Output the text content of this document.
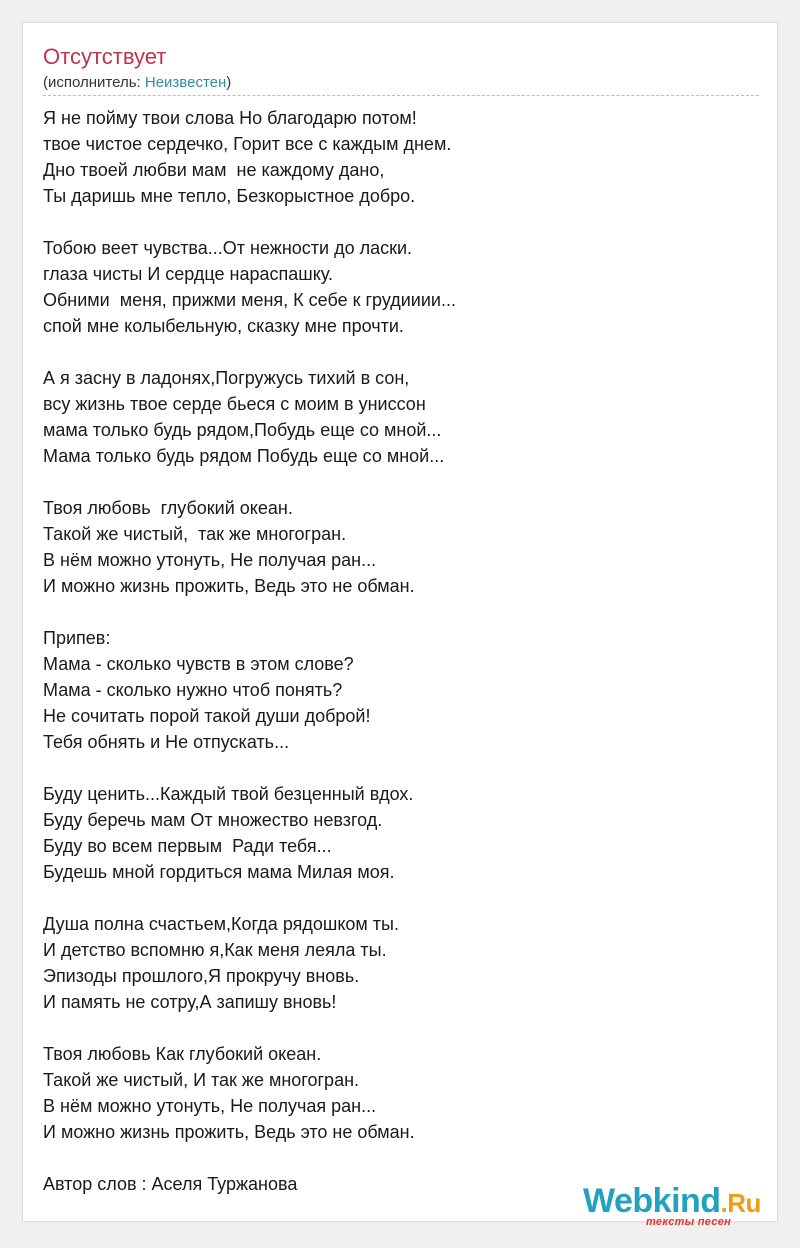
Отсутствует
(исполнитель: Неизвестен)
Я не пойму твои слова Но благодарю потом!
твое чистое сердечко, Горит все с каждым днем.
Дно твоей любви мам  не каждому дано,
Ты даришь мне тепло, Безкорыстное добро.
Тобою веет чувства...От нежности до ласки.
глаза чисты И сердце нараспашку.
Обними  меня, прижми меня, К себе к грудииии...
спой мне колыбельную, сказку мне прочти.
А я засну в ладонях,Погружусь тихий в сон,
всу жизнь твое серде бьеся с моим в униссон
мама только будь рядом,Побудь еще со мной...
Мама только будь рядом Побудь еще со мной...
Твоя любовь  глубокий океан.
Такой же чистый,  так же многогран.
В нём можно утонуть, Не получая ран...
И можно жизнь прожить, Ведь это не обман.
Припев:
Мама - сколько чувств в этом слове?
Мама - сколько нужно чтоб понять?
Не сочитать порой такой души доброй!
Тебя обнять и Не отпускать...
Буду ценить...Каждый твой безценный вдох.
Буду беречь мам От множество невзгод.
Буду во всем первым  Ради тебя...
Будешь мной гордиться мама Милая моя.
Душа полна счастьем,Когда рядошком ты.
И детство вспомню я,Как меня леяла ты.
Эпизоды прошлого,Я прокручу вновь.
И память не сотру,А запишу вновь!
Твоя любовь Как глубокий океан.
Такой же чистый, И так же многогран.
В нём можно утонуть, Не получая ран...
И можно жизнь прожить, Ведь это не обман.
Автор слов : Аселя Туржанова	Webkind.Ru
тексты песен
